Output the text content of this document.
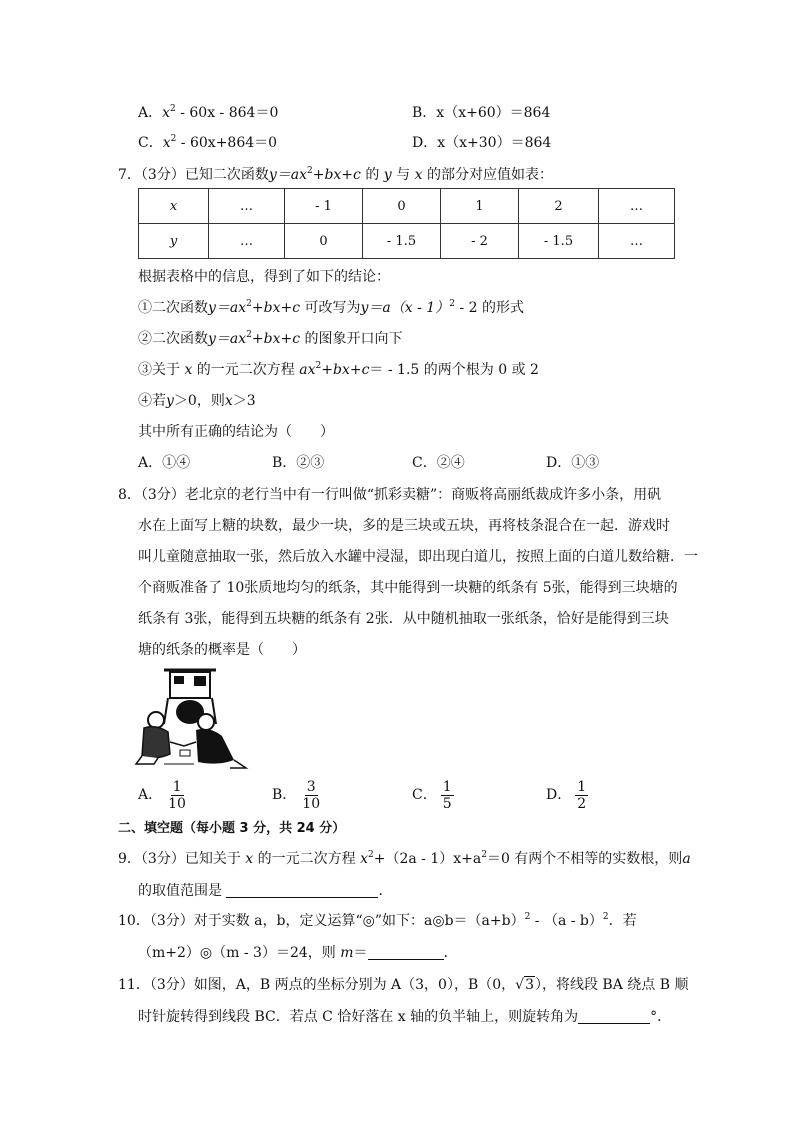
A．$x^2 - 60x - 864=0$	B．x（x+60）＝864
C．$x^2 - 60x+864=0$	D．x（x+30）＝864
7．（3分）已知二次函数$y=ax^2+bx+c$ 的 y 与 x 的部分对应值如表：
x	…	- 1	0	1	2	…
y	…	0	- 1.5	- 2	- 1.5	…
根据表格中的信息，得到了如下的结论：
①二次函数$y=ax^2+bx+c$ 可改写为y＝a（x - 1）$^2$ - 2 的形式
②二次函数$y=ax^2+bx+c$ 的图象开口向下
③关于 x 的一元二次方程 $ax^2+bx+c= - 1.5$ 的两个根为 0 或 2
④若y＞0，则x＞3
其中所有正确的结论为（　　）
A．①④	B．②③	C．②④	D．①③
8．（3分）老北京的老行当中有一行叫做“抓彩卖糖”：商贩将高丽纸裁成许多小条，用矾
水在上面写上糖的块数，最少一块，多的是三块或五块，再将枝条混合在一起．游戏时
叫儿童随意抽取一张，然后放入水罐中浸湿，即出现白道儿，按照上面的白道儿数给糖．一
个商贩准备了 10张质地均匀的纸条，其中能得到一块糖的纸条有 5张，能得到三块塘的
纸条有 3张，能得到五块糖的纸条有 2张．从中随机抽取一张纸条，恰好是能得到三块
塘的纸条的概率是（　　）
A． $\frac{1}{10}$	B． $\frac{3}{10}$	C． $\frac{1}{5}$	D． $\frac{1}{2}$
二、填空题（每小题 3 分，共 24 分）
9．（3分）已知关于 x 的一元二次方程 $x^2+(2a - 1)x+a^2=0$ 有两个不相等的实数根，则a
的取值范围是	．
10．（3分）对于实数 a，b，定义运算“◎”如下：$a◎b=(a+b)^2 - (a - b)^2$．若
（m+2）◎（m - 3）＝24，则 m＝	．
11．（3分）如图，A，B 两点的坐标分别为 A（3，0），B（0，√3），将线段 BA 绕点 B 顺
时针旋转得到线段 BC．若点 C 恰好落在 x 轴的负半轴上，则旋转角为	°．
